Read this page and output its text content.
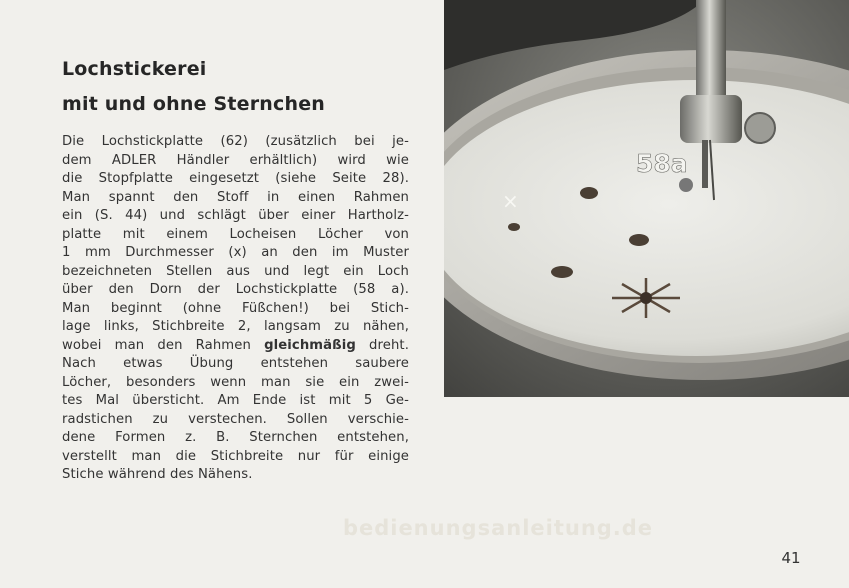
Lochstickerei
mit und ohne Sternchen
Die Lochstickplatte (62) (zusätzlich bei je-
dem ADLER Händler erhältlich) wird wie
die Stopfplatte eingesetzt (siehe Seite 28).
Man spannt den Stoff in einen Rahmen
ein (S. 44) und schlägt über einer Hartholz-
platte mit einem Locheisen Löcher von
1 mm Durchmesser (x) an den im Muster
bezeichneten Stellen aus und legt ein Loch
über den Dorn der Lochstickplatte (58 a).
Man beginnt (ohne Füßchen!) bei Stich-
lage links, Stichbreite 2, langsam zu nähen,
wobei man den Rahmen gleichmäßig dreht.
Nach etwas Übung entstehen saubere
Löcher, besonders wenn man sie ein zwei-
tes Mal übersticht. Am Ende ist mit 5 Ge-
radstichen zu verstechen. Sollen verschie-
dene Formen z. B. Sternchen entstehen,
verstellt man die Stichbreite nur für einige
Stiche während des Nähens.
58a
×
bedienungsanleitung.de
41
